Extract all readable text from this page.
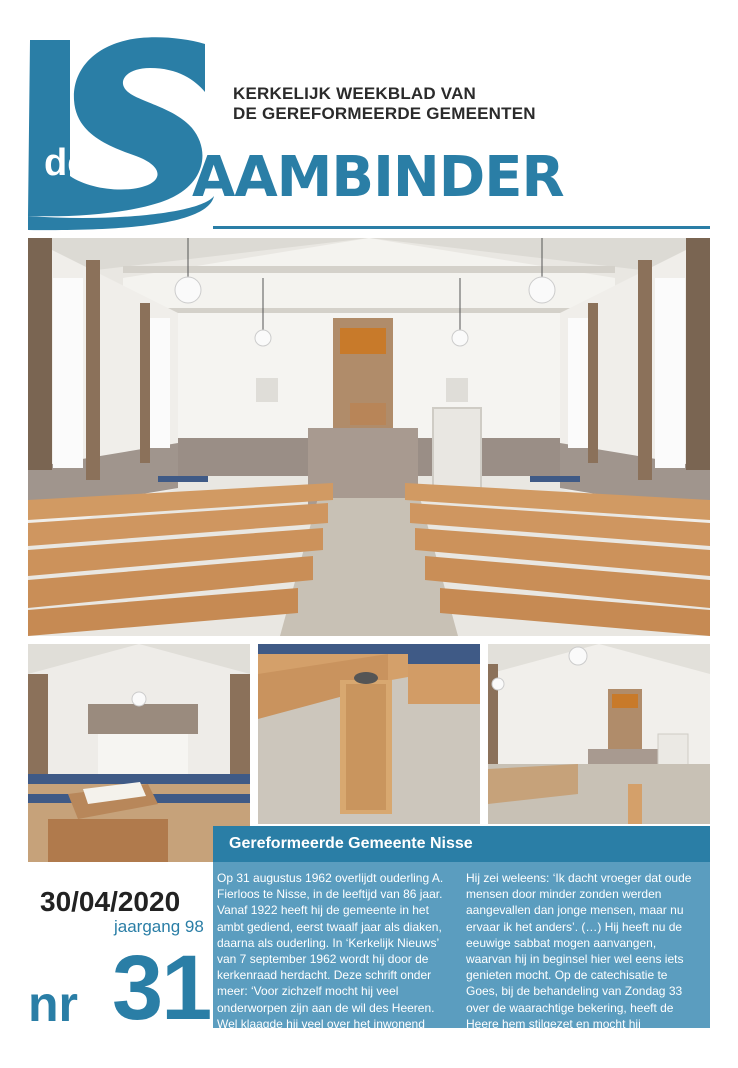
KERKELIJK WEEKBLAD VAN
DE GEREFORMEERDE GEMEENTEN
de AAMBINDER
Gereformeerde Gemeente Nisse
Op 31 augustus 1962 overlijdt ouderling A. Fierloos te Nisse, in de leeftijd van 86 jaar. Vanaf 1922 heeft hij de gemeente in het ambt gediend, eerst twaalf jaar als diaken, daarna als ouderling. In ‘Kerkelijk Nieuws’ van 7 september 1962 wordt hij door de kerkenraad herdacht. Deze schrift onder meer: ‘Voor zichzelf mocht hij veel onderworpen zijn aan de wil des Heeren. Wel klaagde hij veel over het inwonend bederf.
Hij zei weleens: ‘Ik dacht vroeger dat oude mensen door minder zonden werden aangevallen dan jonge mensen, maar nu ervaar ik het anders’. (…) Hij heeft nu de eeuwige sabbat mogen aanvangen, waarvan hij in beginsel hier wel eens iets genieten mocht. Op de catechisatie te Goes, bij de behandeling van Zondag 33 over de waarachtige bekering, heeft de Heere hem stilgezet en mocht hij schuldenaar voor God worden’.
30/04/2020
jaargang 98
nr 31
